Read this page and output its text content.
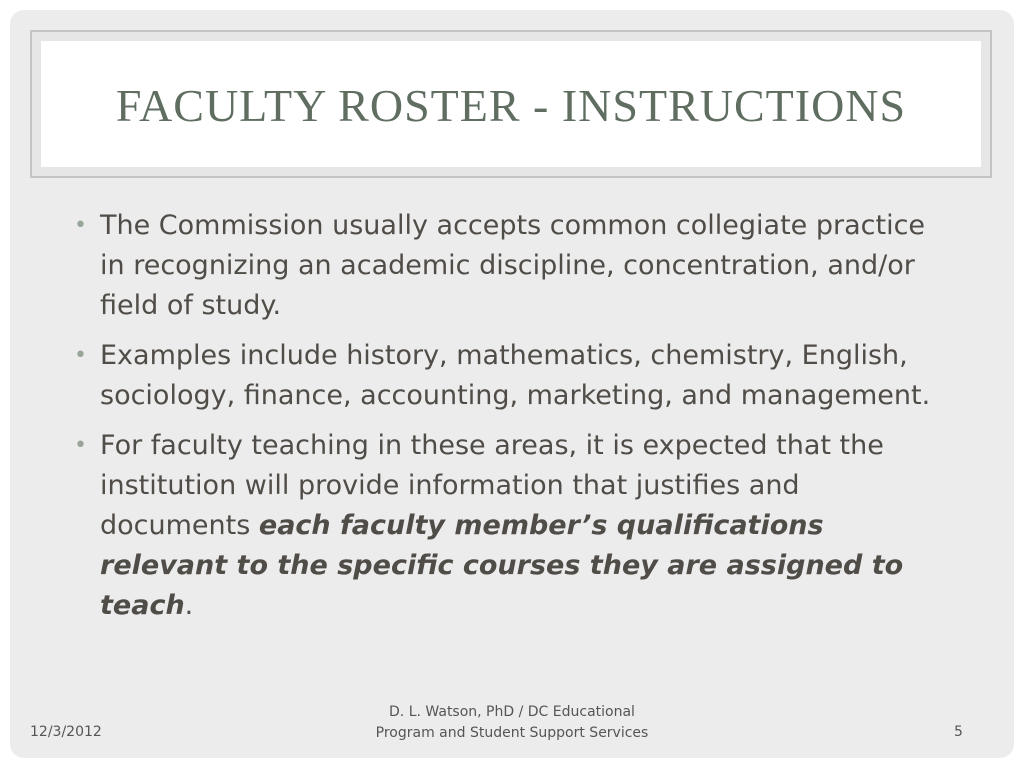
FACULTY ROSTER - INSTRUCTIONS
• The Commission usually accepts common collegiate practice in recognizing an academic discipline, concentration, and/or field of study.
• Examples include history, mathematics, chemistry, English, sociology, finance, accounting, marketing, and management.
• For faculty teaching in these areas, it is expected that the institution will provide information that justifies and documents each faculty member’s qualifications relevant to the specific courses they are assigned to teach.
12/3/2012
D. L. Watson, PhD / DC Educational Program and Student Support Services	5
